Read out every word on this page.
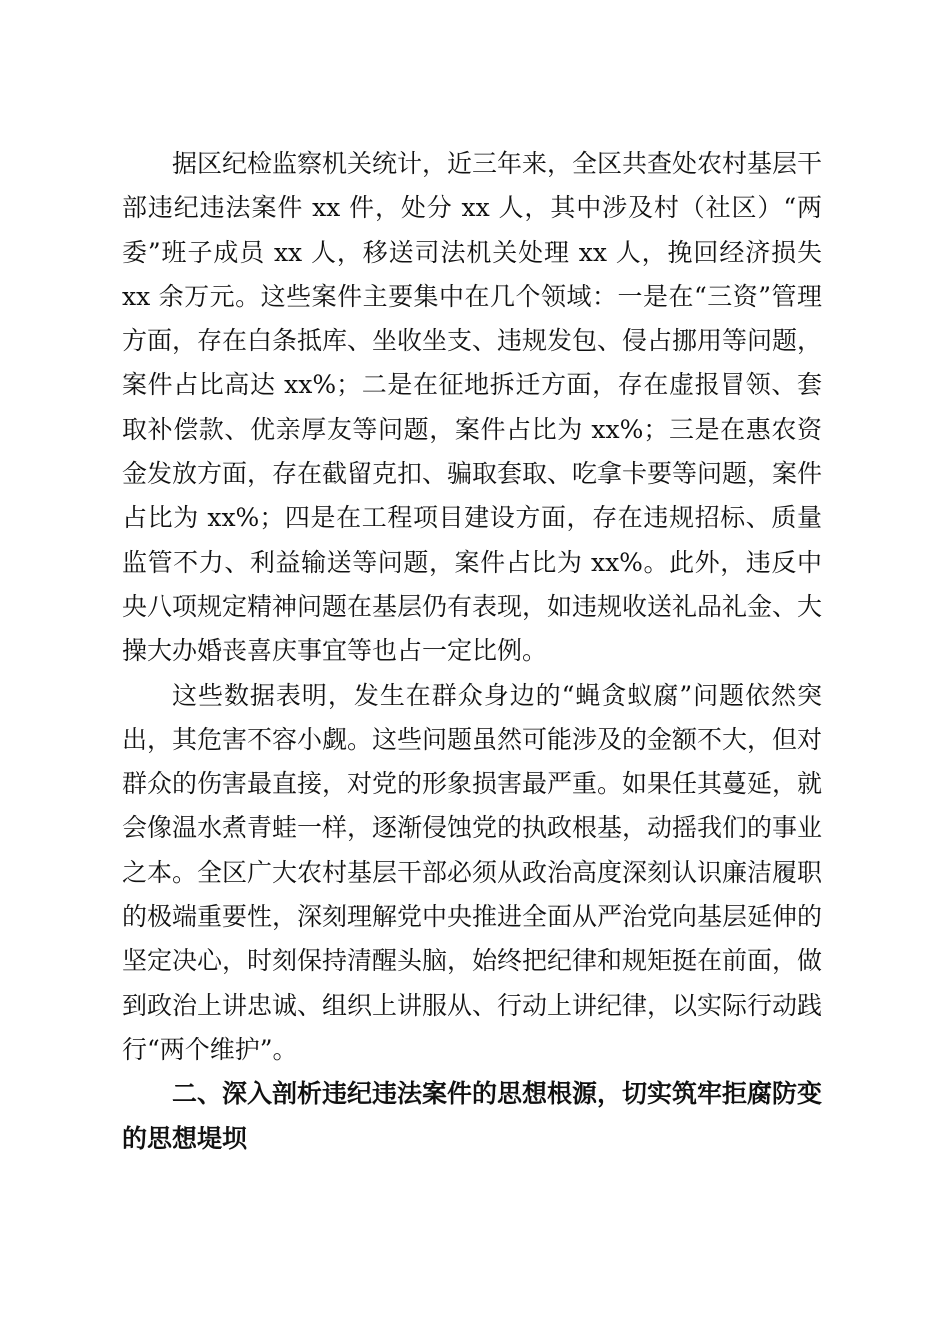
据区纪检监察机关统计，近三年来，全区共查处农村基层干部违纪违法案件 xx 件，处分 xx 人，其中涉及村（社区）“两委”班子成员 xx 人，移送司法机关处理 xx 人，挽回经济损失 xx 余万元。这些案件主要集中在几个领域：一是在“三资”管理方面，存在白条抵库、坐收坐支、违规发包、侵占挪用等问题，案件占比高达 xx%；二是在征地拆迁方面，存在虚报冒领、套取补偿款、优亲厚友等问题，案件占比为 xx%；三是在惠农资金发放方面，存在截留克扣、骗取套取、吃拿卡要等问题，案件占比为 xx%；四是在工程项目建设方面，存在违规招标、质量监管不力、利益输送等问题，案件占比为 xx%。此外，违反中央八项规定精神问题在基层仍有表现，如违规收送礼品礼金、大操大办婚丧喜庆事宜等也占一定比例。

这些数据表明，发生在群众身边的“蝇贪蚁腐”问题依然突出，其危害不容小觑。这些问题虽然可能涉及的金额不大，但对群众的伤害最直接，对党的形象损害最严重。如果任其蔓延，就会像温水煮青蛙一样，逐渐侵蚀党的执政根基，动摇我们的事业之本。全区广大农村基层干部必须从政治高度深刻认识廉洁履职的极端重要性，深刻理解党中央推进全面从严治党向基层延伸的坚定决心，时刻保持清醒头脑，始终把纪律和规矩挺在前面，做到政治上讲忠诚、组织上讲服从、行动上讲纪律，以实际行动践行“两个维护”。

二、深入剖析违纪违法案件的思想根源，切实筑牢拒腐防变的思想堤坝
